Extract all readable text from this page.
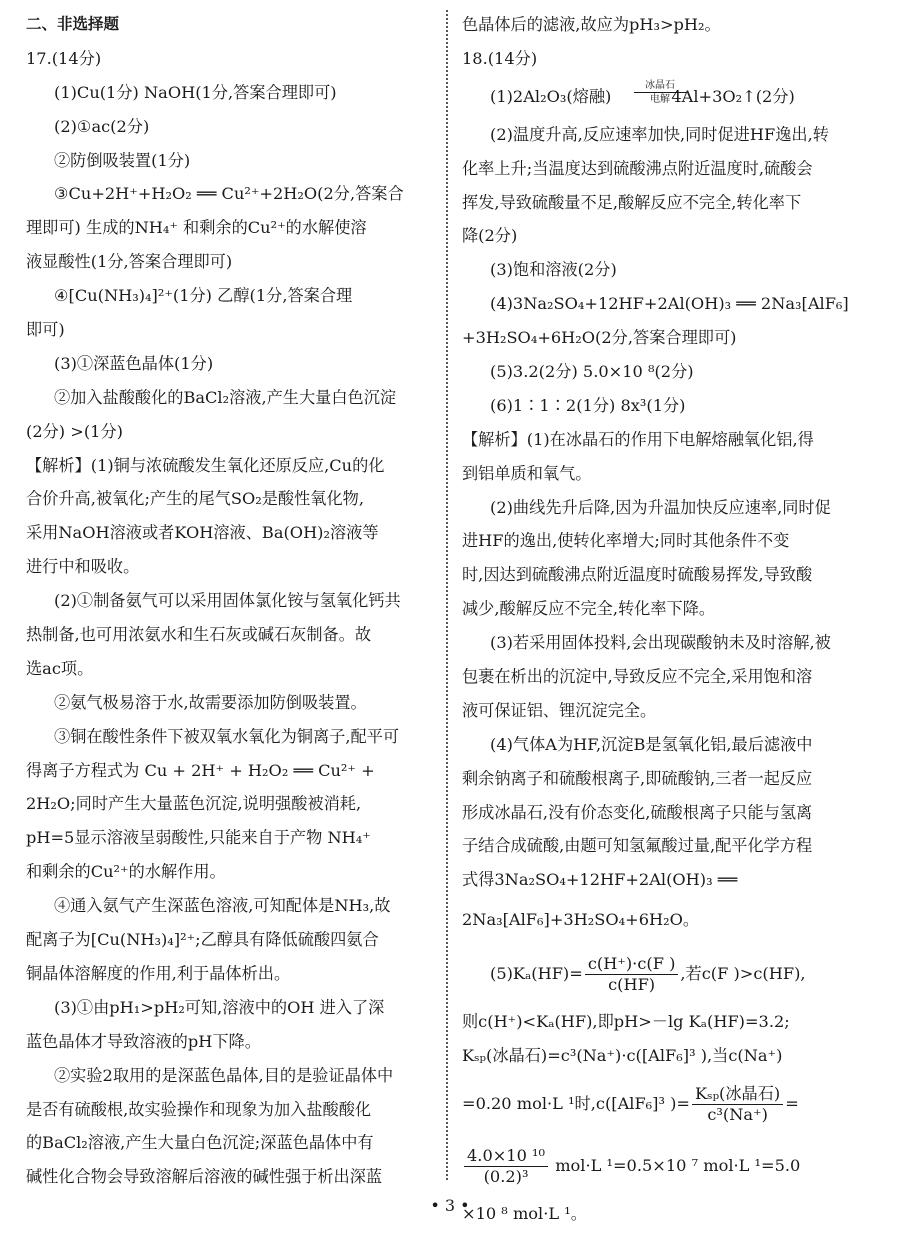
二、非选择题
17.(14分)
(1)Cu(1分) NaOH(1分,答案合理即可)
(2)①ac(2分)
②防倒吸装置(1分)
③Cu+2H⁺+H₂O₂ ══ Cu²⁺+2H₂O(2分,答案合
理即可) 生成的NH₄⁺ 和剩余的Cu²⁺的水解使溶
液显酸性(1分,答案合理即可)
④[Cu(NH₃)₄]²⁺(1分) 乙醇(1分,答案合理
即可)
(3)①深蓝色晶体(1分)
②加入盐酸酸化的BaCl₂溶液,产生大量白色沉淀
(2分) >(1分)
【解析】(1)铜与浓硫酸发生氧化还原反应,Cu的化
合价升高,被氧化;产生的尾气SO₂是酸性氧化物,
采用NaOH溶液或者KOH溶液、Ba(OH)₂溶液等
进行中和吸收。
(2)①制备氨气可以采用固体氯化铵与氢氧化钙共
热制备,也可用浓氨水和生石灰或碱石灰制备。故
选ac项。
②氨气极易溶于水,故需要添加防倒吸装置。
③铜在酸性条件下被双氧水氧化为铜离子,配平可
得离子方程式为 Cu + 2H⁺ + H₂O₂ ══ Cu²⁺ +
2H₂O;同时产生大量蓝色沉淀,说明强酸被消耗,
pH=5显示溶液呈弱酸性,只能来自于产物 NH₄⁺
和剩余的Cu²⁺的水解作用。
④通入氨气产生深蓝色溶液,可知配体是NH₃,故
配离子为[Cu(NH₃)₄]²⁺;乙醇具有降低硫酸四氨合
铜晶体溶解度的作用,利于晶体析出。
(3)①由pH₁>pH₂可知,溶液中的OH 进入了深
蓝色晶体才导致溶液的pH下降。
②实验2取用的是深蓝色晶体,目的是验证晶体中
是否有硫酸根,故实验操作和现象为加入盐酸酸化
的BaCl₂溶液,产生大量白色沉淀;深蓝色晶体中有
碱性化合物会导致溶解后溶液的碱性强于析出深蓝
色晶体后的滤液,故应为pH₃>pH₂。
18.(14分)
(1)2Al₂O₃(熔融)	4Al+3O₂↑(2分)
冰晶石
电解
(2)温度升高,反应速率加快,同时促进HF逸出,转
化率上升;当温度达到硫酸沸点附近温度时,硫酸会
挥发,导致硫酸量不足,酸解反应不完全,转化率下
降(2分)
(3)饱和溶液(2分)
(4)3Na₂SO₄+12HF+2Al(OH)₃ ══ 2Na₃[AlF₆]
+3H₂SO₄+6H₂O(2分,答案合理即可)
(5)3.2(2分) 5.0×10 ⁸(2分)
(6)1∶1∶2(1分) 8x³(1分)
【解析】(1)在冰晶石的作用下电解熔融氧化铝,得
到铝单质和氧气。
(2)曲线先升后降,因为升温加快反应速率,同时促
进HF的逸出,使转化率增大;同时其他条件不变
时,因达到硫酸沸点附近温度时硫酸易挥发,导致酸
减少,酸解反应不完全,转化率下降。
(3)若采用固体投料,会出现碳酸钠未及时溶解,被
包裹在析出的沉淀中,导致反应不完全,采用饱和溶
液可保证铝、锂沉淀完全。
(4)气体A为HF,沉淀B是氢氧化铝,最后滤液中
剩余钠离子和硫酸根离子,即硫酸钠,三者一起反应
形成冰晶石,没有价态变化,硫酸根离子只能与氢离
子结合成硫酸,由题可知氢氟酸过量,配平化学方程
式得3Na₂SO₄+12HF+2Al(OH)₃ ══
2Na₃[AlF₆]+3H₂SO₄+6H₂O。
$(5)K_a(HF)= \frac{c(H^+)\cdot c(F )}{c(HF)}$ ,若c(F )>c(HF),
则c(H⁺)<Kₐ(HF),即pH>－lg Kₐ(HF)=3.2;
Kₛₚ(冰晶石)=c³(Na⁺)·c([AlF₆]³ ),当c(Na⁺)
=0.20 mol·L ¹时,c([AlF₆]³ )= $\frac{\text{Kₛₚ(冰晶石)}}{\text{c³(Na⁺)}}$ =
$\frac{\text{4.0×10 ¹⁰}}{\text{(0.2)³}} mol\cdot L$ ¹=0.5×10 ⁷ mol·L ¹=5.0
×10 ⁸ mol·L ¹。
• 3 •
